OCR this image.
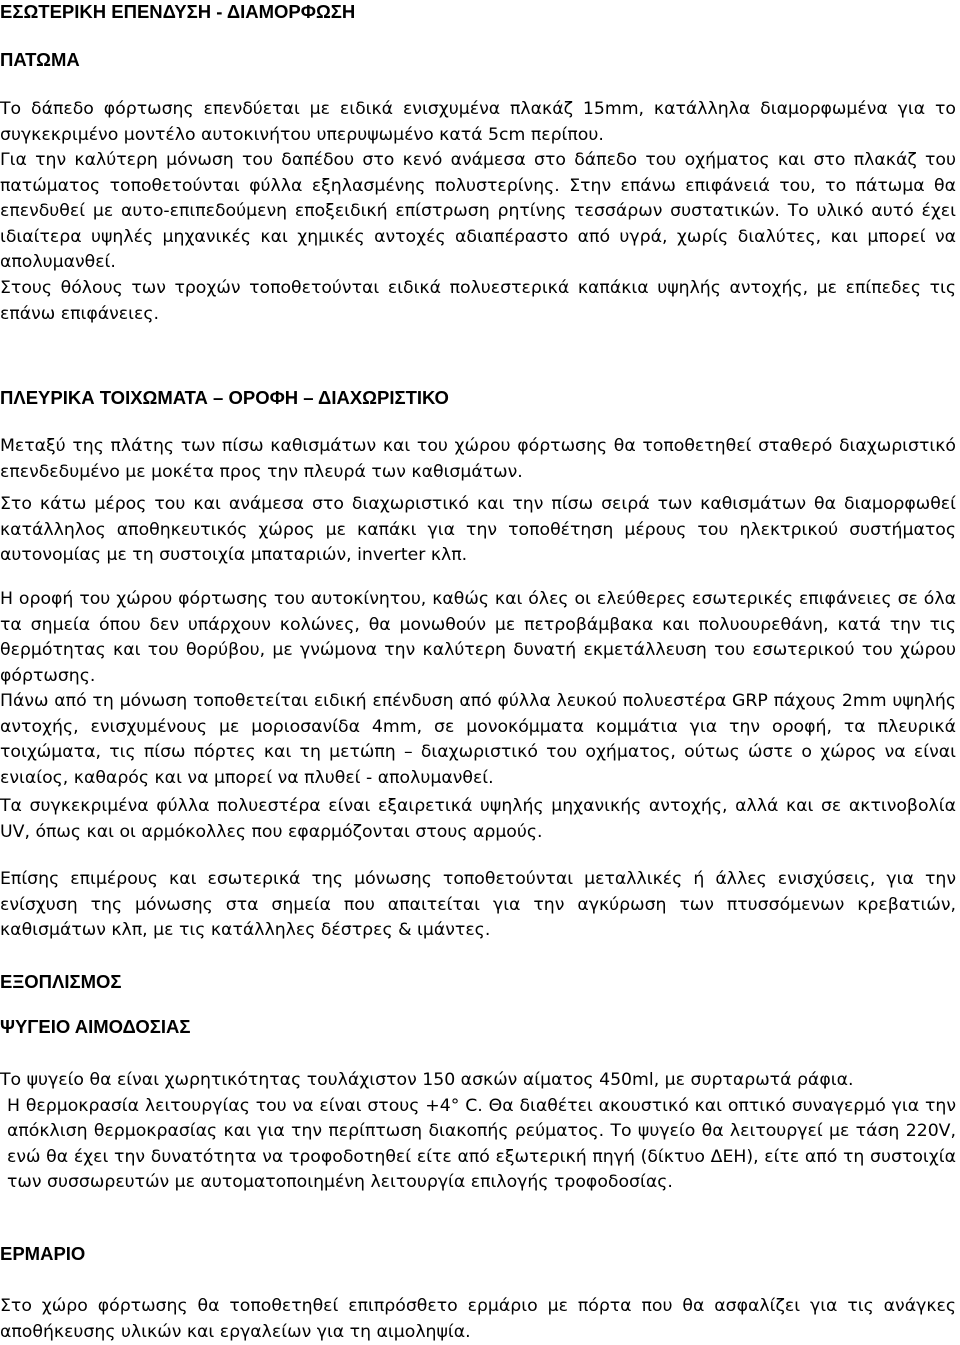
ΕΣΩΤΕΡΙΚΗ ΕΠΕΝΔΥΣΗ - ΔΙΑΜΟΡΦΩΣΗ
ΠΑΤΩΜΑ

Το δάπεδο φόρτωσης επενδύεται με ειδικά ενισχυμένα πλακάζ 15mm, κατάλληλα διαμορφωμένα για το συγκεκριμένο μοντέλο αυτοκινήτου υπερυψωμένο κατά 5cm περίπου.

Για την καλύτερη μόνωση του δαπέδου στο κενό ανάμεσα στο δάπεδο του οχήματος και στο πλακάζ του πατώματος τοποθετούνται φύλλα εξηλασμένης πολυστερίνης. Στην επάνω επιφάνειά του, το πάτωμα θα επενδυθεί με αυτο-επιπεδούμενη εποξειδική επίστρωση ρητίνης τεσσάρων συστατικών. Το υλικό αυτό έχει ιδιαίτερα υψηλές μηχανικές και χημικές αντοχές αδιαπέραστο από υγρά, χωρίς διαλύτες, και μπορεί να απολυμανθεί.

Στους θόλους των τροχών τοποθετούνται ειδικά πολυεστερικά καπάκια υψηλής αντοχής, με επίπεδες τις επάνω επιφάνειες.

ΠΛΕΥΡΙΚΑ ΤΟΙΧΩΜΑΤΑ – ΟΡΟΦΗ – ΔΙΑΧΩΡΙΣΤΙΚΟ

Μεταξύ της πλάτης των πίσω καθισμάτων και του χώρου φόρτωσης θα τοποθετηθεί σταθερό διαχωριστικό επενδεδυμένο με μοκέτα προς την πλευρά των καθισμάτων.

Στο κάτω μέρος του και ανάμεσα στο διαχωριστικό και την πίσω σειρά των καθισμάτων θα διαμορφωθεί κατάλληλος αποθηκευτικός χώρος με καπάκι για την τοποθέτηση μέρους του ηλεκτρικού συστήματος αυτονομίας με τη συστοιχία μπαταριών, inverter κλπ.

Η οροφή του χώρου φόρτωσης του αυτοκίνητου, καθώς και όλες οι ελεύθερες εσωτερικές επιφάνειες σε όλα τα σημεία όπου δεν υπάρχουν κολώνες, θα μονωθούν με πετροβάμβακα και πολυουρεθάνη, κατά την τις θερμότητας και του θορύβου, με γνώμονα την καλύτερη δυνατή εκμετάλλευση του εσωτερικού του χώρου φόρτωσης.

Πάνω από τη μόνωση τοποθετείται ειδική επένδυση από φύλλα λευκού πολυεστέρα GRP πάχους 2mm υψηλής αντοχής, ενισχυμένους με μοριοσανίδα 4mm, σε μονοκόμματα κομμάτια για την οροφή, τα πλευρικά τοιχώματα, τις πίσω πόρτες και τη μετώπη – διαχωριστικό του οχήματος, ούτως ώστε ο χώρος να είναι ενιαίος, καθαρός και να μπορεί να πλυθεί - απολυμανθεί.

Τα συγκεκριμένα φύλλα πολυεστέρα είναι εξαιρετικά υψηλής μηχανικής αντοχής, αλλά και σε ακτινοβολία UV, όπως και οι αρμόκολλες που εφαρμόζονται στους αρμούς.

Επίσης επιμέρους και εσωτερικά της μόνωσης τοποθετούνται μεταλλικές ή άλλες ενισχύσεις, για την ενίσχυση της μόνωσης στα σημεία που απαιτείται για την αγκύρωση των πτυσσόμενων κρεβατιών, καθισμάτων κλπ, με τις κατάλληλες δέστρες & ιμάντες.

ΕΞΟΠΛΙΣΜΟΣ
ΨΥΓΕΙΟ ΑΙΜΟΔΟΣΙΑΣ
Το ψυγείο θα είναι χωρητικότητας τουλάχιστον 150 ασκών αίματος 450ml, με συρταρωτά ράφια.
Η θερμοκρασία λειτουργίας του να είναι στους +4° C. Θα διαθέτει ακουστικό και οπτικό συναγερμό για την απόκλιση θερμοκρασίας και για την περίπτωση διακοπής ρεύματος. Το ψυγείο θα λειτουργεί με τάση 220V, ενώ θα έχει την δυνατότητα να τροφοδοτηθεί είτε από εξωτερική πηγή (δίκτυο ΔΕΗ), είτε από τη συστοιχία των συσσωρευτών με αυτοματοποιημένη λειτουργία επιλογής τροφοδοσίας.
ΕΡΜΑΡΙΟ

Στο χώρο φόρτωσης θα τοποθετηθεί επιπρόσθετο ερμάριο με πόρτα που θα ασφαλίζει για τις ανάγκες αποθήκευσης υλικών και εργαλείων για τη αιμοληψία.
